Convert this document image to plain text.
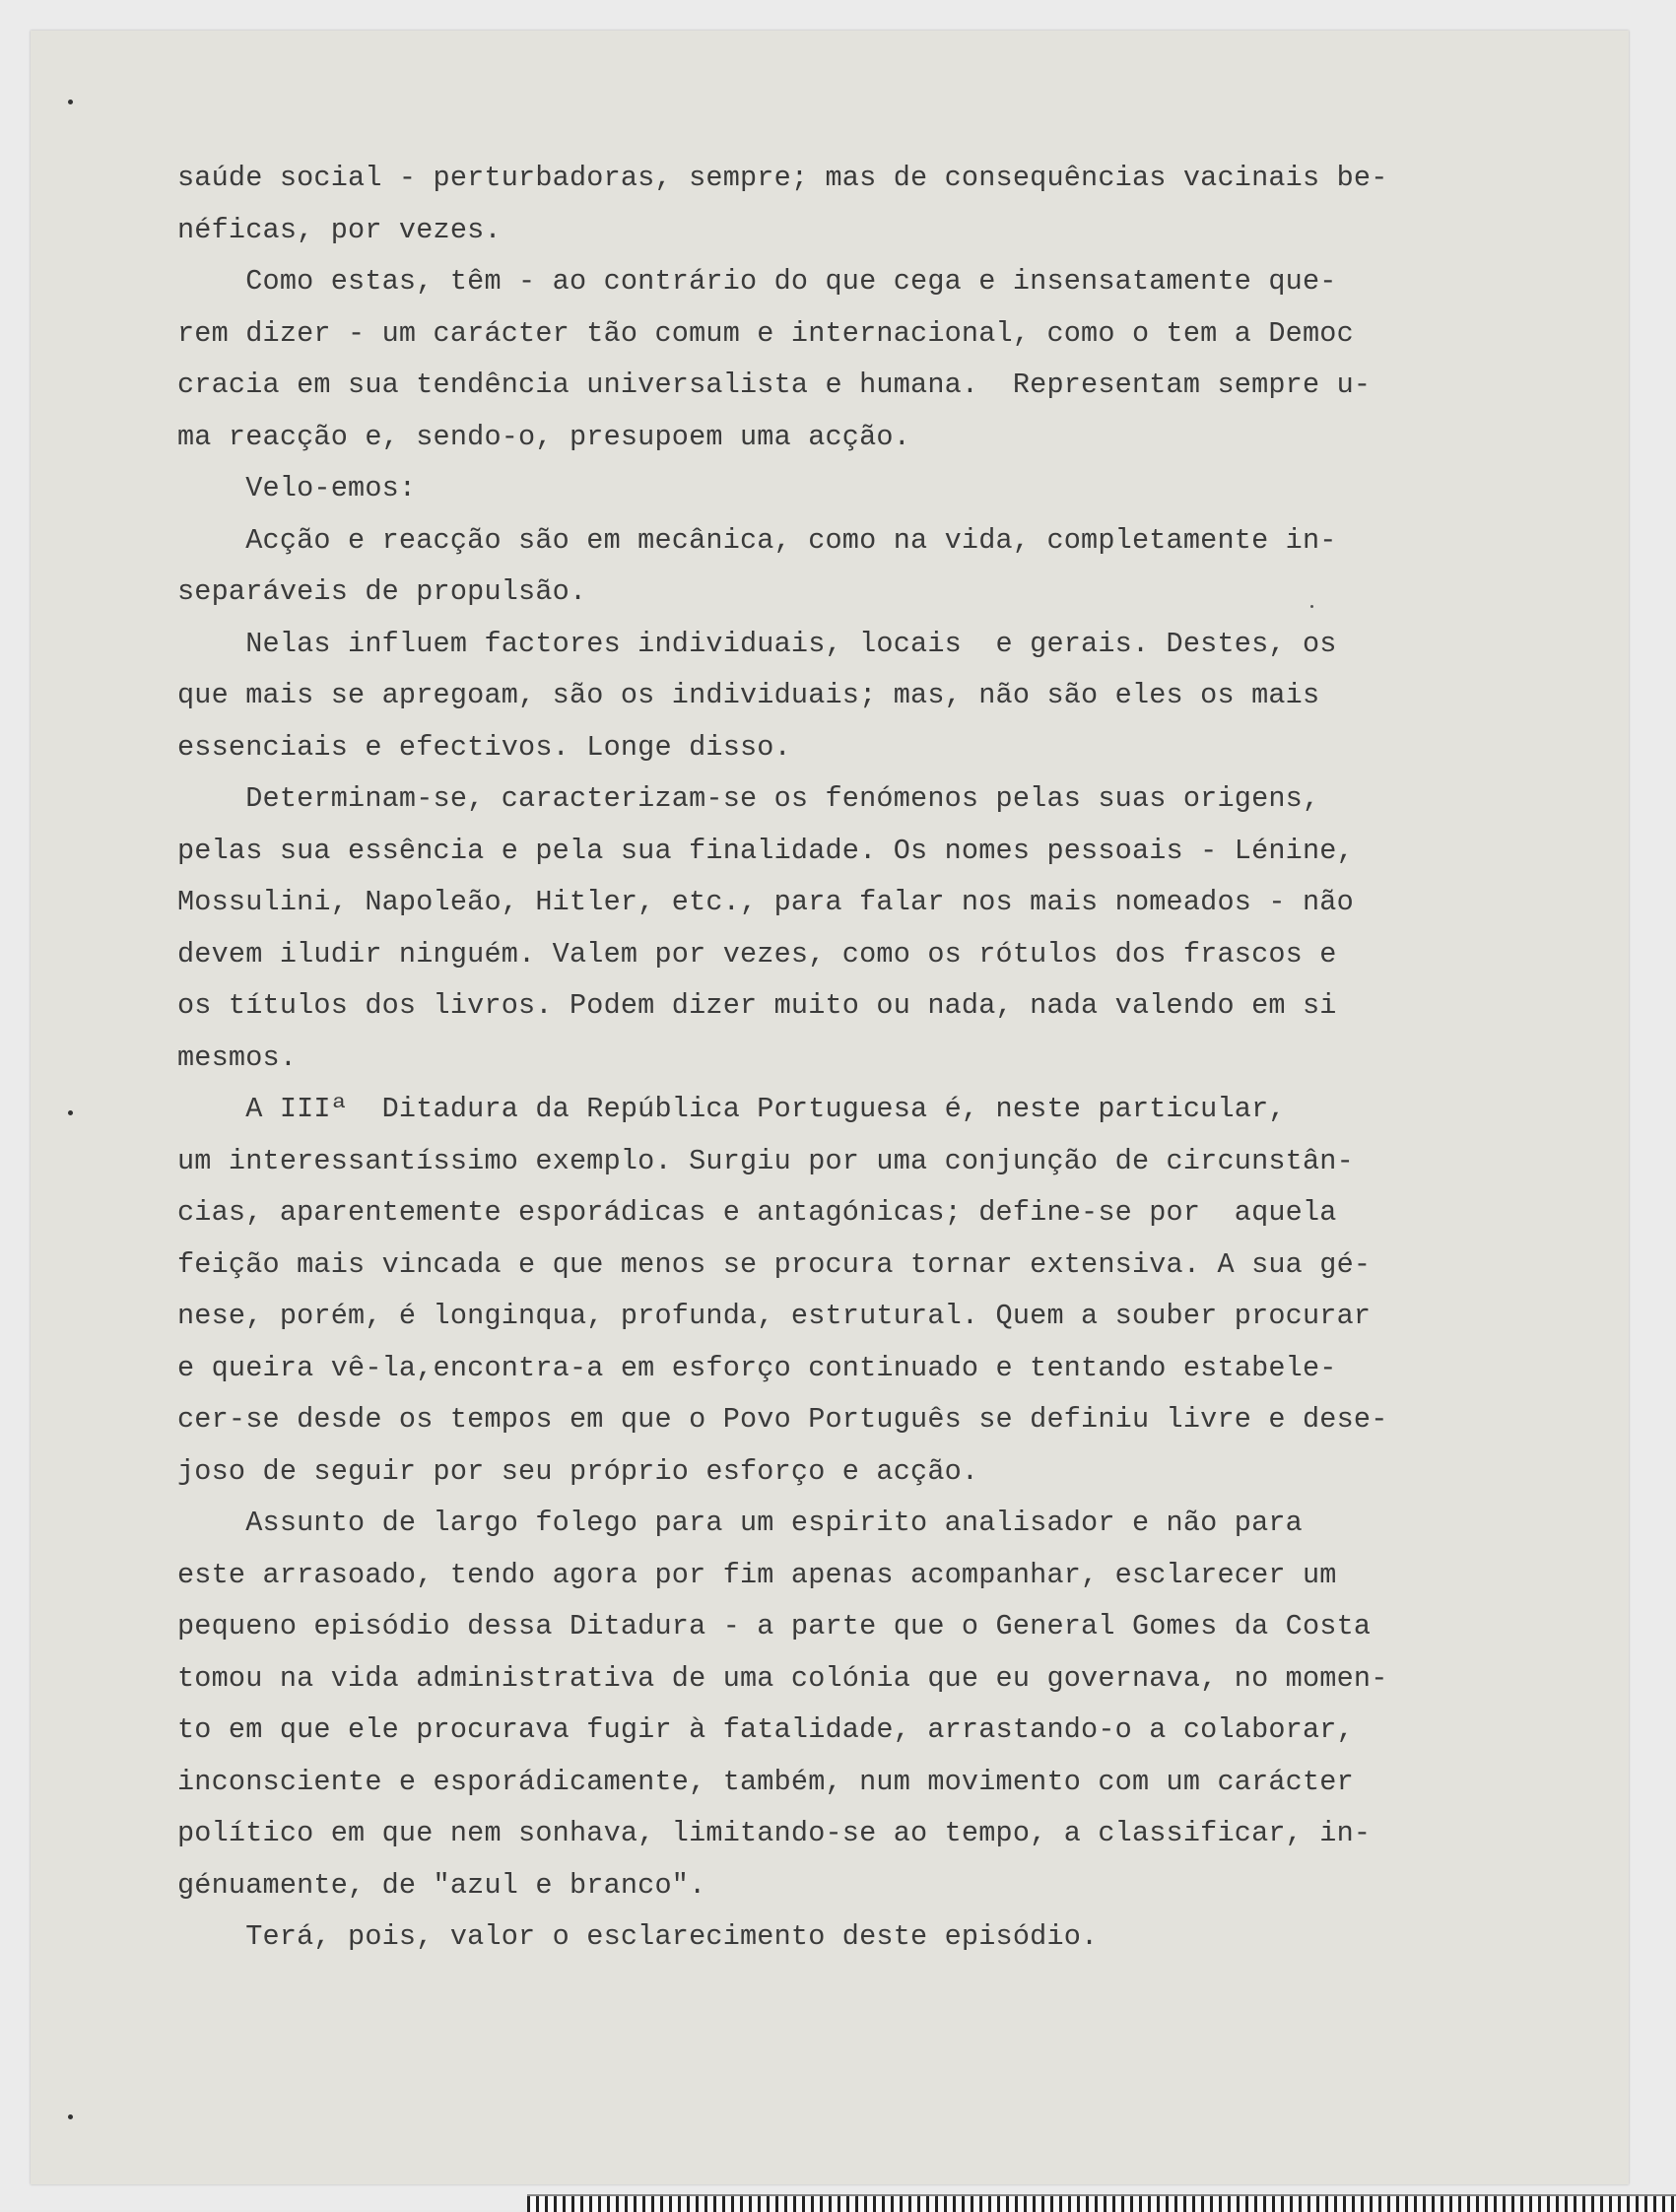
saúde social - perturbadoras, sempre; mas de consequências vacinais be-
néficas, por vezes.
Como estas, têm - ao contrário do que cega e insensatamente que-
rem dizer - um carácter tão comum e internacional, como o tem a Democ
cracia em sua tendência universalista e humana.  Representam sempre u-
ma reacção e, sendo-o, presupoem uma acção.
Velo-emos:
Acção e reacção são em mecânica, como na vida, completamente in-
separáveis de propulsão.
Nelas influem factores individuais, locais  e gerais. Destes, os
que mais se apregoam, são os individuais; mas, não são eles os mais
essenciais e efectivos. Longe disso.
Determinam-se, caracterizam-se os fenómenos pelas suas origens,
pelas sua essência e pela sua finalidade. Os nomes pessoais - Lénine,
Mossulini, Napoleão, Hitler, etc., para falar nos mais nomeados - não
devem iludir ninguém. Valem por vezes, como os rótulos dos frascos e
os títulos dos livros. Podem dizer muito ou nada, nada valendo em si
mesmos.
A IIIª  Ditadura da República Portuguesa é, neste particular,
um interessantíssimo exemplo. Surgiu por uma conjunção de circunstân-
cias, aparentemente esporádicas e antagónicas; define-se por  aquela
feição mais vincada e que menos se procura tornar extensiva. A sua gé-
nese, porém, é longinqua, profunda, estrutural. Quem a souber procurar
e queira vê-la,encontra-a em esforço continuado e tentando estabele-
cer-se desde os tempos em que o Povo Português se definiu livre e dese-
joso de seguir por seu próprio esforço e acção.
Assunto de largo folego para um espirito analisador e não para
este arrasoado, tendo agora por fim apenas acompanhar, esclarecer um
pequeno episódio dessa Ditadura - a parte que o General Gomes da Costa
tomou na vida administrativa de uma colónia que eu governava, no momen-
to em que ele procurava fugir à fatalidade, arrastando-o a colaborar,
inconsciente e esporádicamente, também, num movimento com um carácter
político em que nem sonhava, limitando-se ao tempo, a classificar, in-
génuamente, de "azul e branco".
Terá, pois, valor o esclarecimento deste episódio.
